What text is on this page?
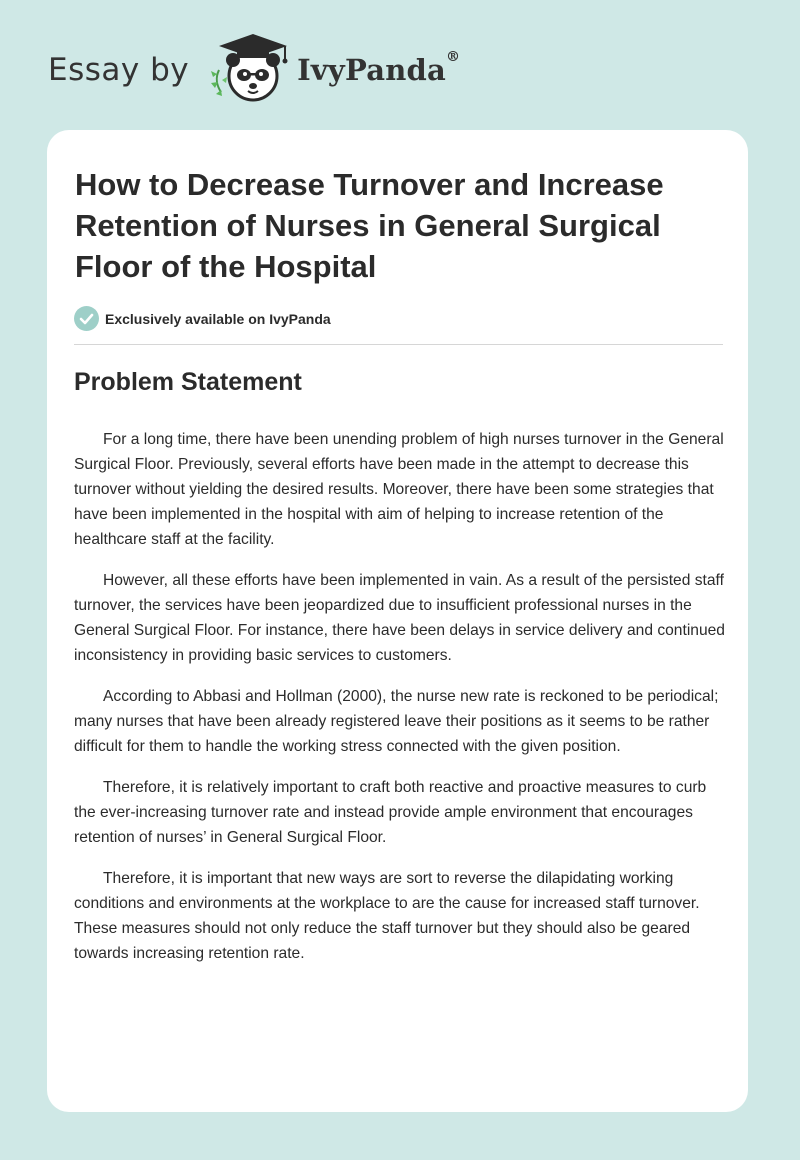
Essay by	IvyPanda®
How to Decrease Turnover and Increase Retention of Nurses in General Surgical Floor of the Hospital
Exclusively available on IvyPanda
Problem Statement

For a long time, there have been unending problem of high nurses turnover in the General Surgical Floor. Previously, several efforts have been made in the attempt to decrease this turnover without yielding the desired results. Moreover, there have been some strategies that have been implemented in the hospital with aim of helping to increase retention of the healthcare staff at the facility.

However, all these efforts have been implemented in vain. As a result of the persisted staff turnover, the services have been jeopardized due to insufficient professional nurses in the General Surgical Floor. For instance, there have been delays in service delivery and continued inconsistency in providing basic services to customers.

According to Abbasi and Hollman (2000), the nurse new rate is reckoned to be periodical; many nurses that have been already registered leave their positions as it seems to be rather difficult for them to handle the working stress connected with the given position.

Therefore, it is relatively important to craft both reactive and proactive measures to curb the ever-increasing turnover rate and instead provide ample environment that encourages retention of nurses’ in General Surgical Floor.

Therefore, it is important that new ways are sort to reverse the dilapidating working conditions and environments at the workplace to are the cause for increased staff turnover. These measures should not only reduce the staff turnover but they should also be geared towards increasing retention rate.
